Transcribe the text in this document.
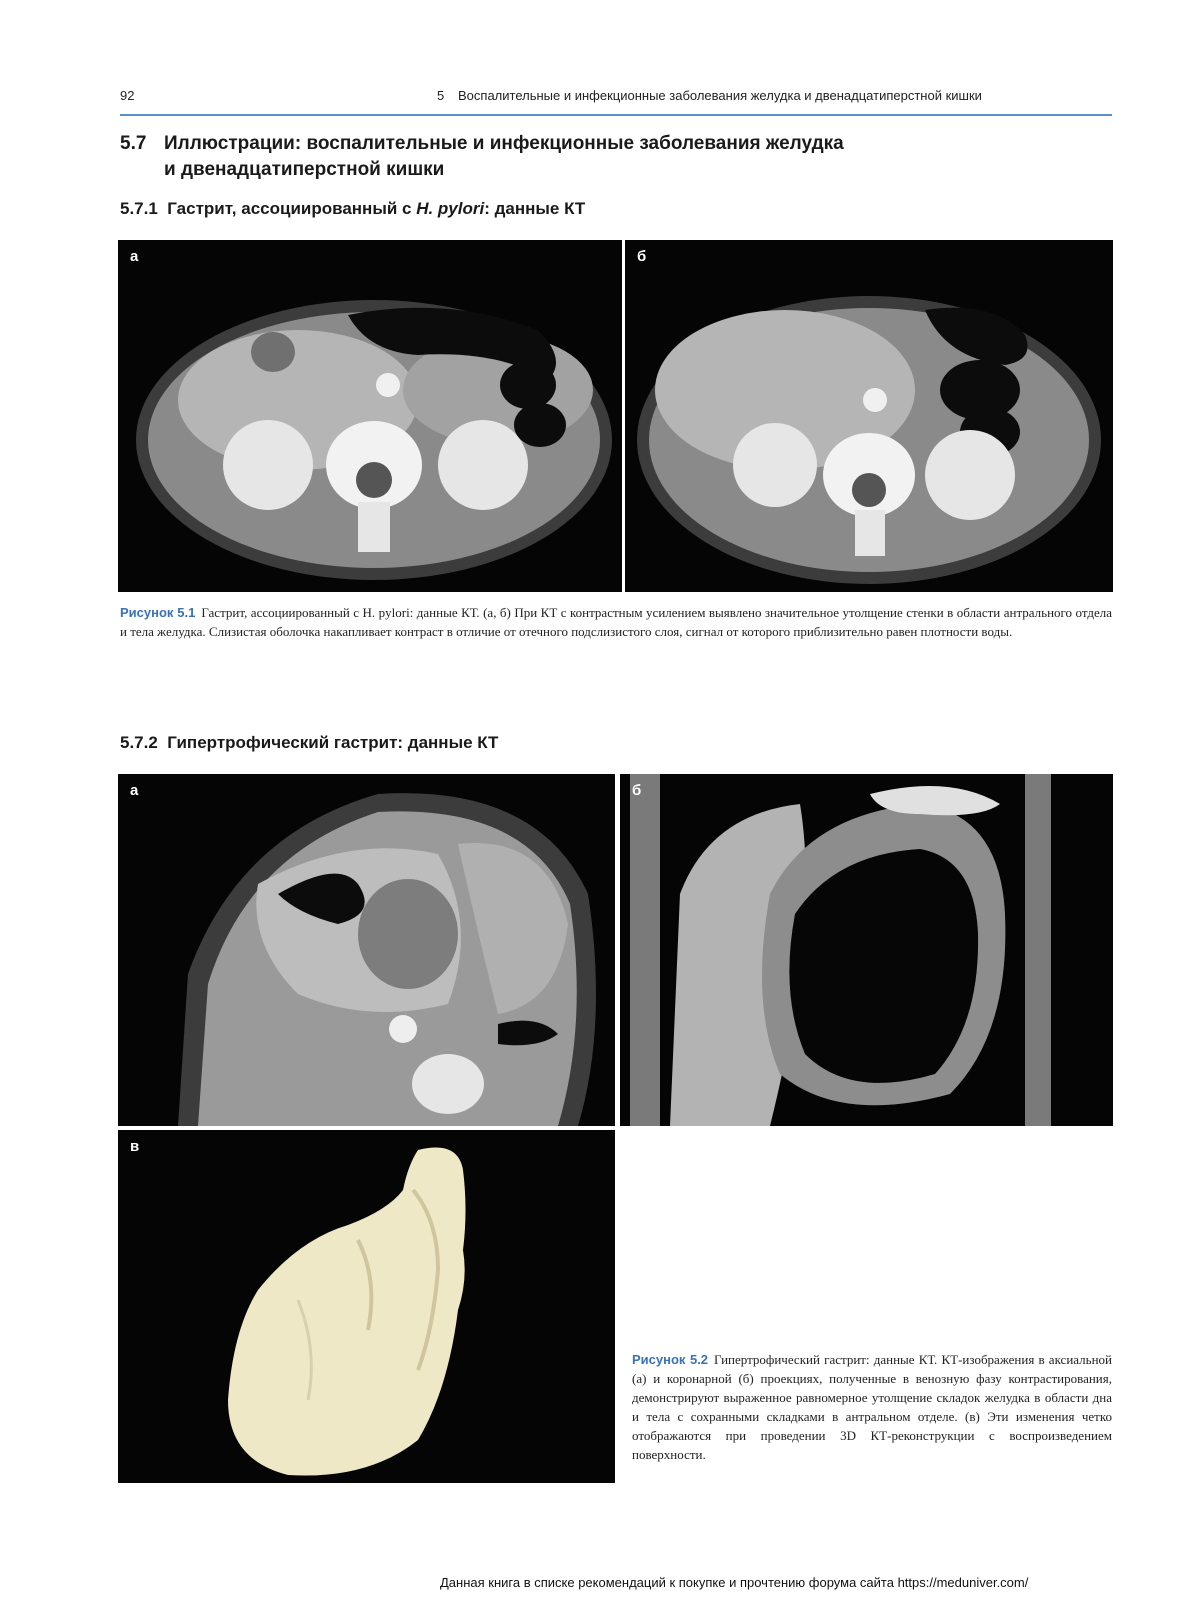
92	5 Воспалительные и инфекционные заболевания желудка и двенадцатиперстной кишки
5.7 Иллюстрации: воспалительные и инфекционные заболевания желудка
и двенадцатиперстной кишки
5.7.1 Гастрит, ассоциированный с H. pylori: данные КТ
а	б
Рисунок 5.1 Гастрит, ассоциированный с H. pylori: данные КТ. (а, б) При КТ с контрастным усилением выявлено значительное утолщение стенки в области антрального отдела и тела желудка. Слизистая оболочка накапливает контраст в отличие от отечного подслизистого слоя, сигнал от которого приблизительно равен плотности воды.
5.7.2 Гипертрофический гастрит: данные КТ
а	б
в
Рисунок 5.2 Гипертрофический гастрит: данные КТ. КТ-изображения в аксиальной (а) и коронарной (б) проекциях, полученные в венозную фазу контрастирования, демонстрируют выраженное равномерное утолщение складок желудка в области дна и тела с сохранными складками в антральном отделе. (в) Эти изменения четко отображаются при проведении 3D КТ-реконструкции с воспроизведением поверхности.
Данная книга в списке рекомендаций к покупке и прочтению форума сайта https://meduniver.com/
